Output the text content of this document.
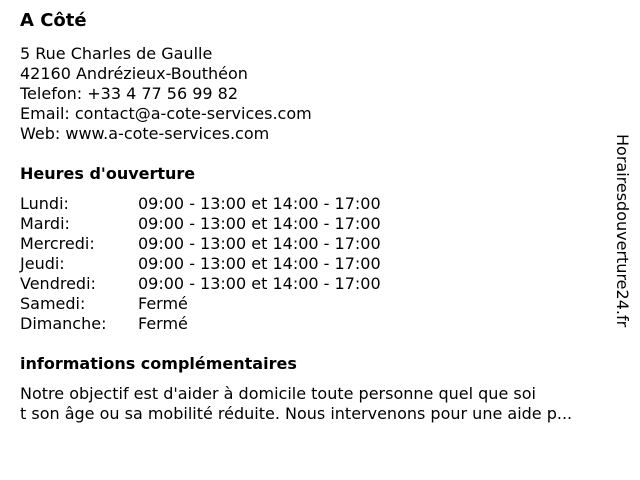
A Côté
5 Rue Charles de Gaulle
42160 Andrézieux-Bouthéon
Telefon: +33 4 77 56 99 82
Email: contact@a-cote-services.com
Web: www.a-cote-services.com
Heures d'ouverture
Lundi:	09:00 - 13:00 et 14:00 - 17:00
Mardi:	09:00 - 13:00 et 14:00 - 17:00
Mercredi:	09:00 - 13:00 et 14:00 - 17:00
Jeudi:	09:00 - 13:00 et 14:00 - 17:00
Vendredi:	09:00 - 13:00 et 14:00 - 17:00
Samedi:	Fermé
Dimanche: Fermé
informations complémentaires
Notre objectif est d'aider à domicile toute personne quel que soi
t son âge ou sa mobilité réduite. Nous intervenons pour une aide p...
Horairesdouverture24.fr
